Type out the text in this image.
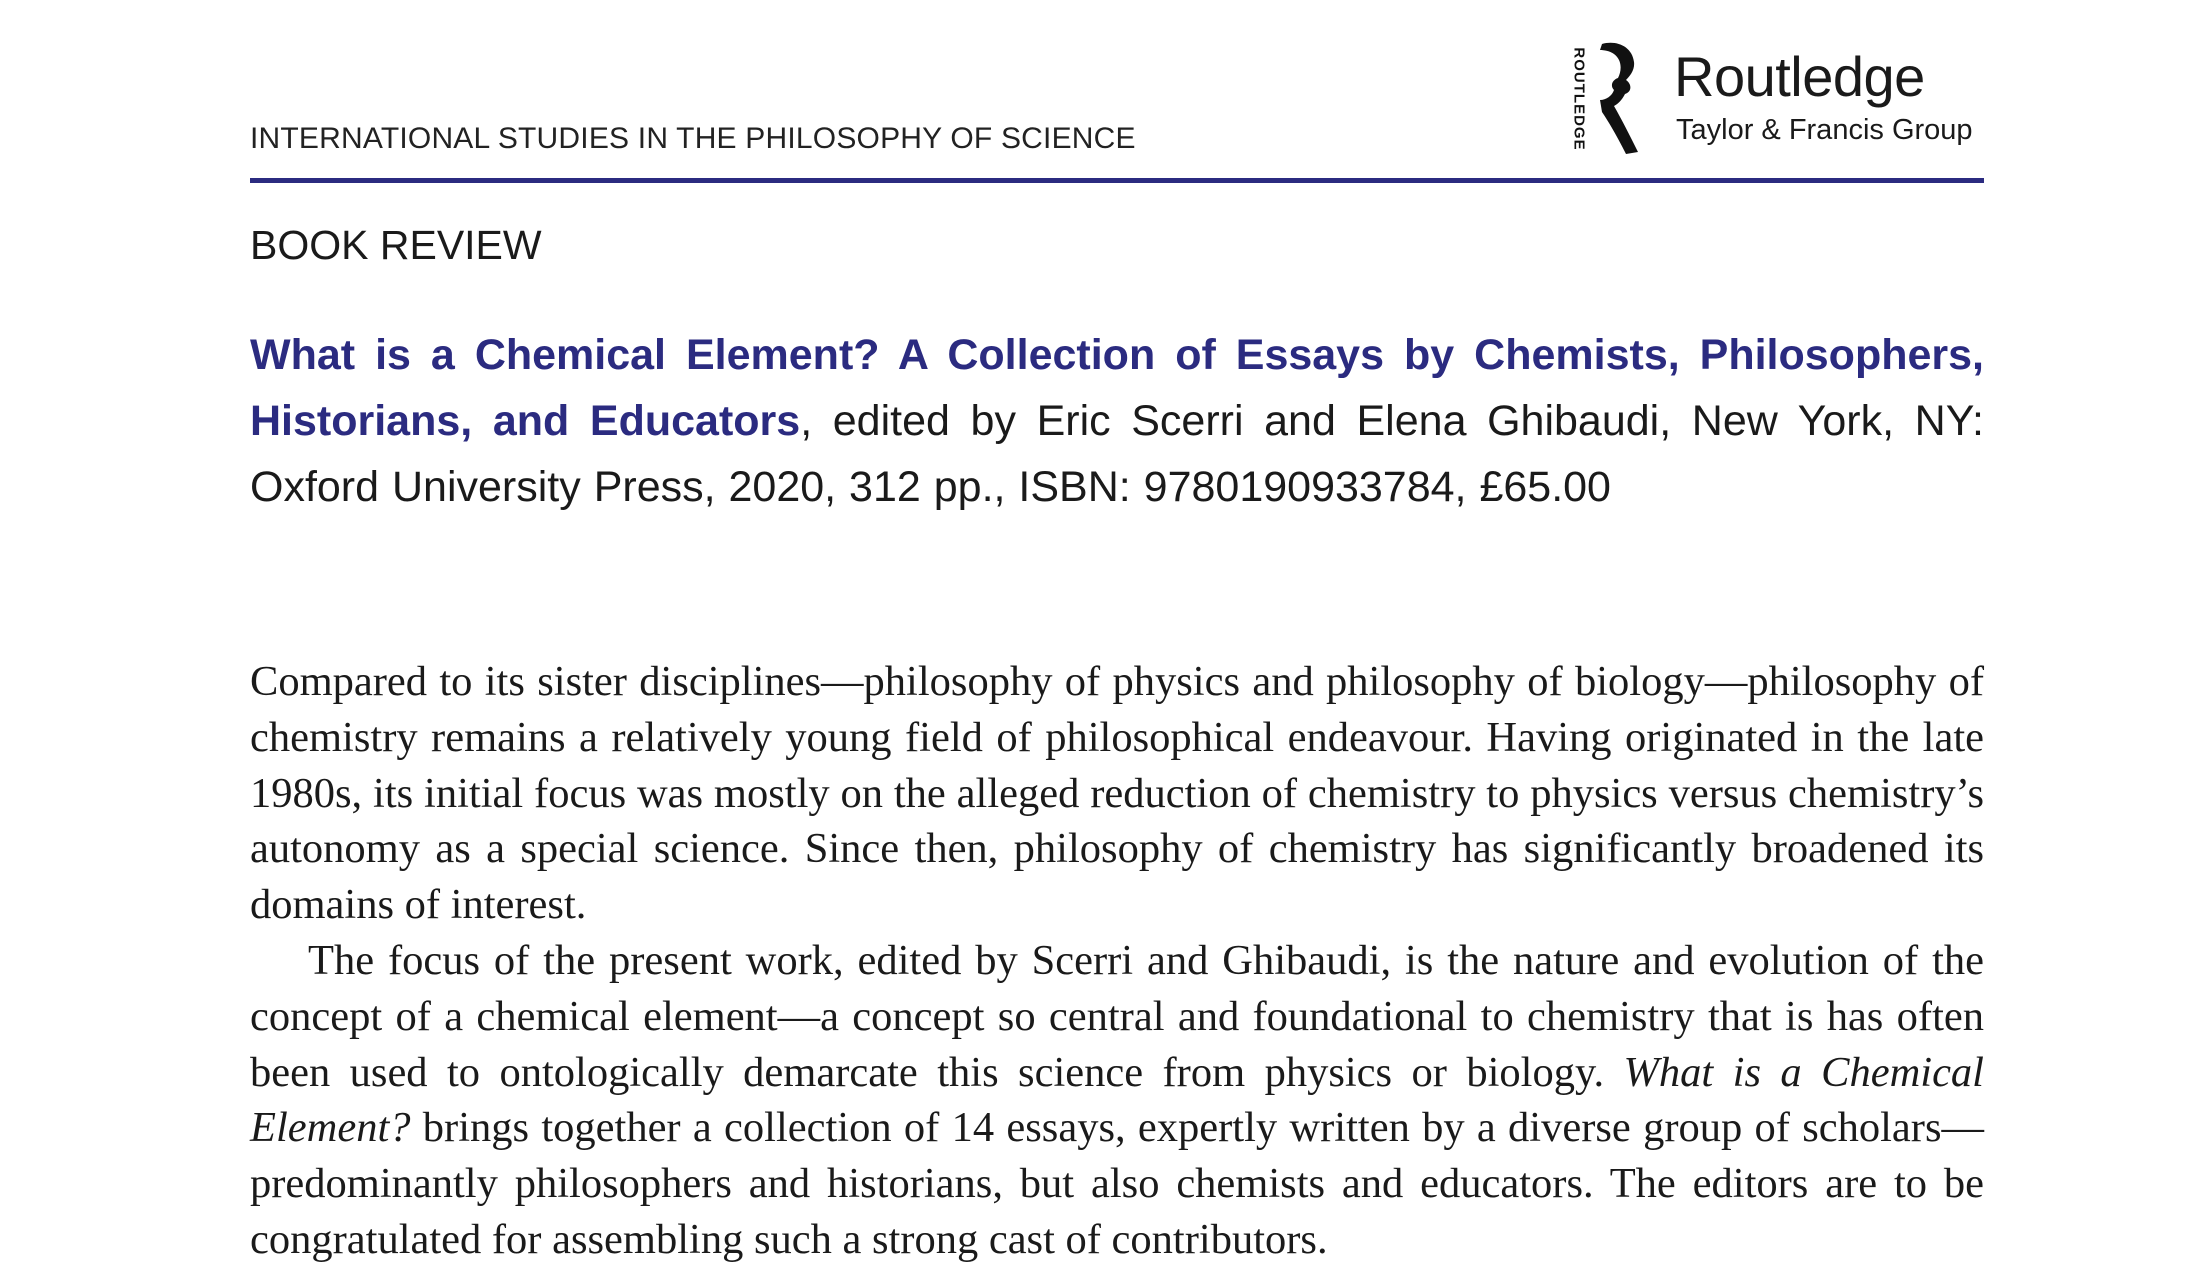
INTERNATIONAL STUDIES IN THE PHILOSOPHY OF SCIENCE	ROUTLEDGE Routledge
Taylor & Francis Group
BOOK REVIEW
What is a Chemical Element? A Collection of Essays by Chemists, Philosophers, Historians, and Educators, edited by Eric Scerri and Elena Ghibaudi, New York, NY: Oxford University Press, 2020, 312 pp., ISBN: 9780190933784, £65.00

Compared to its sister disciplines—philosophy of physics and philosophy of biology—philosophy of chemistry remains a relatively young field of philosophical endeavour. Having originated in the late 1980s, its initial focus was mostly on the alleged reduction of chemistry to physics versus chemistry’s autonomy as a special science. Since then, philosophy of chemistry has significantly broadened its domains of interest.

The focus of the present work, edited by Scerri and Ghibaudi, is the nature and evolution of the concept of a chemical element—a concept so central and foundational to chemistry that is has often been used to ontologically demarcate this science from physics or biology. What is a Chemical Element? brings together a collection of 14 essays, expertly written by a diverse group of scholars—predominantly philosophers and historians, but also chemists and educators. The editors are to be congratulated for assembling such a strong cast of contributors.
